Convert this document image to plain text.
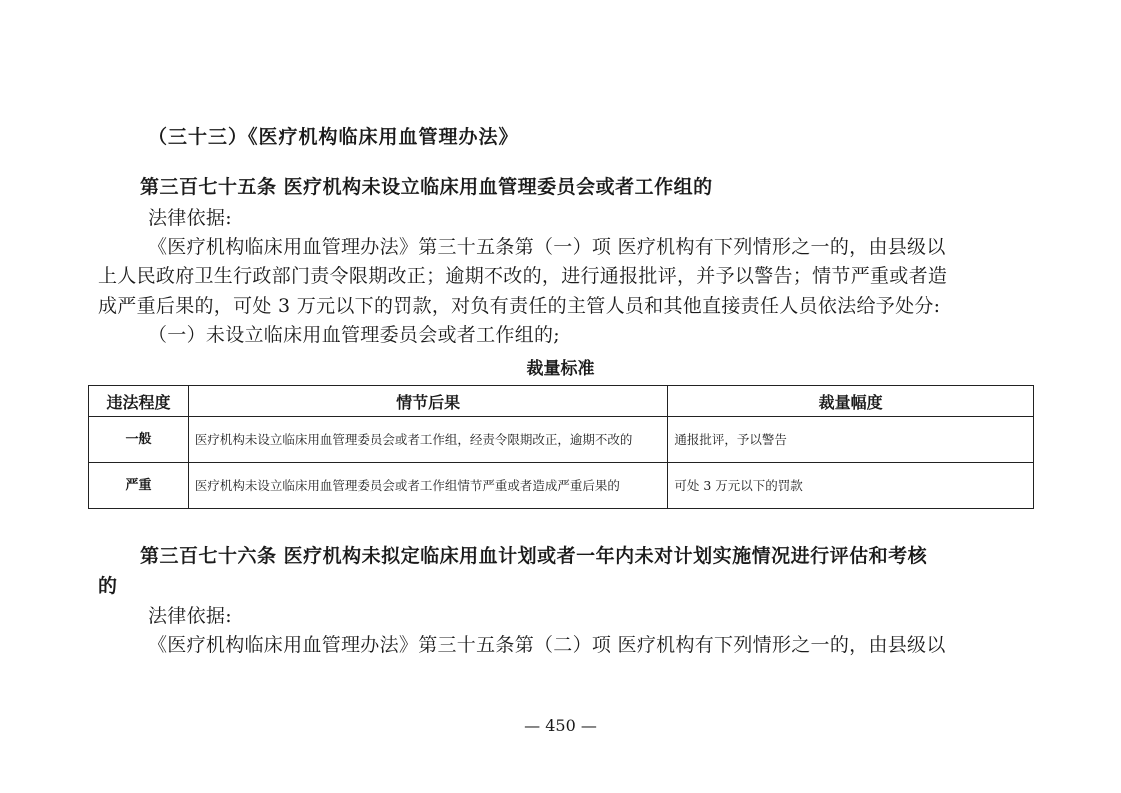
（三十三）《医疗机构临床用血管理办法》
第三百七十五条 医疗机构未设立临床用血管理委员会或者工作组的
法律依据:
《医疗机构临床用血管理办法》第三十五条第（一）项 医疗机构有下列情形之一的，由县级以
上人民政府卫生行政部门责令限期改正；逾期不改的，进行通报批评，并予以警告；情节严重或者造
成严重后果的，可处 3 万元以下的罚款，对负有责任的主管人员和其他直接责任人员依法给予处分:
（一）未设立临床用血管理委员会或者工作组的;
裁量标准
违法程度	情节后果	裁量幅度
一般	医疗机构未设立临床用血管理委员会或者工作组，经责令限期改正，逾期不改的	通报批评，予以警告
严重	医疗机构未设立临床用血管理委员会或者工作组情节严重或者造成严重后果的	可处 3 万元以下的罚款
第三百七十六条 医疗机构未拟定临床用血计划或者一年内未对计划实施情况进行评估和考核
的
法律依据:
《医疗机构临床用血管理办法》第三十五条第（二）项 医疗机构有下列情形之一的，由县级以
— 450 —
